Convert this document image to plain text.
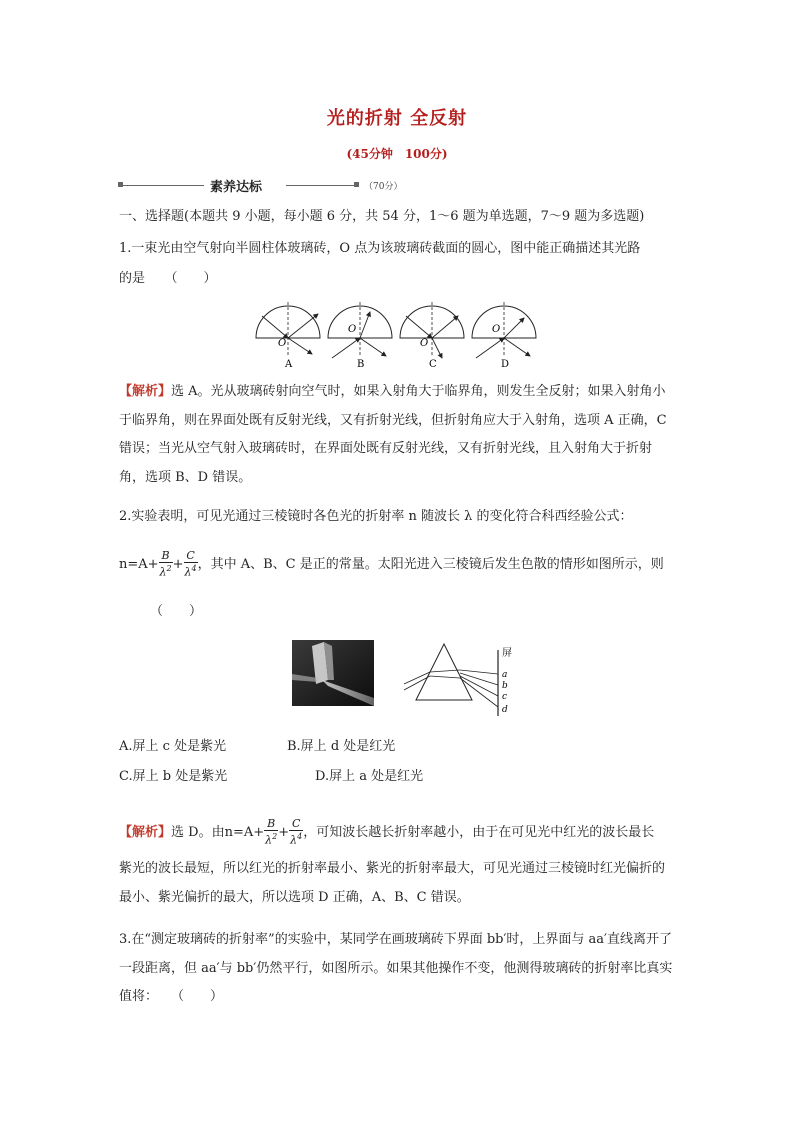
光的折射 全反射
(45分钟　100分)
素养达标	（70分）
一、选择题(本题共 9 小题，每小题 6 分，共 54 分，1～6 题为单选题，7～9 题为多选题)
1.一束光由空气射向半圆柱体玻璃砖，O 点为该玻璃砖截面的圆心，图中能正确描述其光路
的是　　（　　）
O
A
O
B
O
C
O
D
【解析】选 A。光从玻璃砖射向空气时，如果入射角大于临界角，则发生全反射；如果入射角小于临界角，则在界面处既有反射光线，又有折射光线，但折射角应大于入射角，选项 A 正确，C 错误；当光从空气射入玻璃砖时，在界面处既有反射光线，又有折射光线，且入射角大于折射角，选项 B、D 错误。
2.实验表明，可见光通过三棱镜时各色光的折射率 n 随波长 λ 的变化符合科西经验公式：
$n=A+ \frac{B}{\lambda^2} + \frac{C}{\lambda^4}$ ，其中 A、B、C 是正的常量。太阳光进入三棱镜后发生色散的情形如图所示，则
（　　）
屏
a
b
c
d
A.屏上 c 处是紫光	B.屏上 d 处是红光
C.屏上 b 处是紫光	D.屏上 a 处是红光
【解析】选 D。由$n=A+ \frac{B}{\lambda^2} + \frac{C}{\lambda^4}$ ，可知波长越长折射率越小，由于在可见光中红光的波长最长
紫光的波长最短，所以红光的折射率最小、紫光的折射率最大，可见光通过三棱镜时红光偏折的最小、紫光偏折的最大，所以选项 D 正确，A、B、C 错误。
3.在“测定玻璃砖的折射率”的实验中，某同学在画玻璃砖下界面 bb′时，上界面与 aa′直线离开了一段距离，但 aa′与 bb′仍然平行，如图所示。如果其他操作不变，他测得玻璃砖的折射率比真实值将：　　（　　）
